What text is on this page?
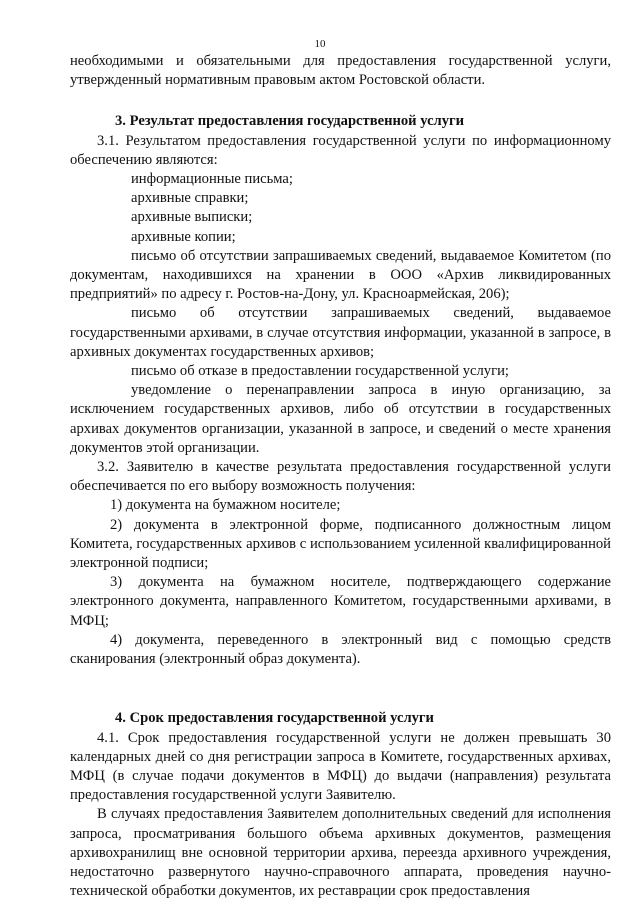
10

необходимыми и обязательными для предоставления государственной услуги, утвержденный нормативным правовым актом Ростовской области.

3. Результат предоставления государственной услуги

3.1. Результатом предоставления государственной услуги по информационному обеспечению являются:

информационные письма;

архивные справки;

архивные выписки;

архивные копии;

письмо об отсутствии запрашиваемых сведений, выдаваемое Комитетом (по документам, находившихся на хранении в ООО «Архив ликвидированных предприятий» по адресу г. Ростов-на-Дону, ул. Красноармейская, 206);

письмо об отсутствии запрашиваемых сведений, выдаваемое государственными архивами, в случае отсутствия информации, указанной в запросе, в архивных документах государственных архивов;

письмо об отказе в предоставлении государственной услуги;

уведомление о перенаправлении запроса в иную организацию, за исключением государственных архивов, либо об отсутствии в государственных архивах документов организации, указанной в запросе, и сведений о месте хранения документов этой организации.

3.2. Заявителю в качестве результата предоставления государственной услуги обеспечивается по его выбору возможность получения:

1) документа на бумажном носителе;

2) документа в электронной форме, подписанного должностным лицом Комитета, государственных архивов с использованием усиленной квалифицированной электронной подписи;

3) документа на бумажном носителе, подтверждающего содержание электронного документа, направленного Комитетом, государственными архивами, в МФЦ;

4) документа, переведенного в электронный вид с помощью средств сканирования (электронный образ документа).

4. Срок предоставления государственной услуги

4.1. Срок предоставления государственной услуги не должен превышать 30 календарных дней со дня регистрации запроса в Комитете, государственных архивах, МФЦ (в случае подачи документов в МФЦ) до выдачи (направления) результата предоставления государственной услуги Заявителю.

В случаях предоставления Заявителем дополнительных сведений для исполнения запроса, просматривания большого объема архивных документов, размещения архивохранилищ вне основной территории архива, переезда архивного учреждения, недостаточно развернутого научно-справочного аппарата, проведения научно-технической обработки документов, их реставрации срок предоставления
